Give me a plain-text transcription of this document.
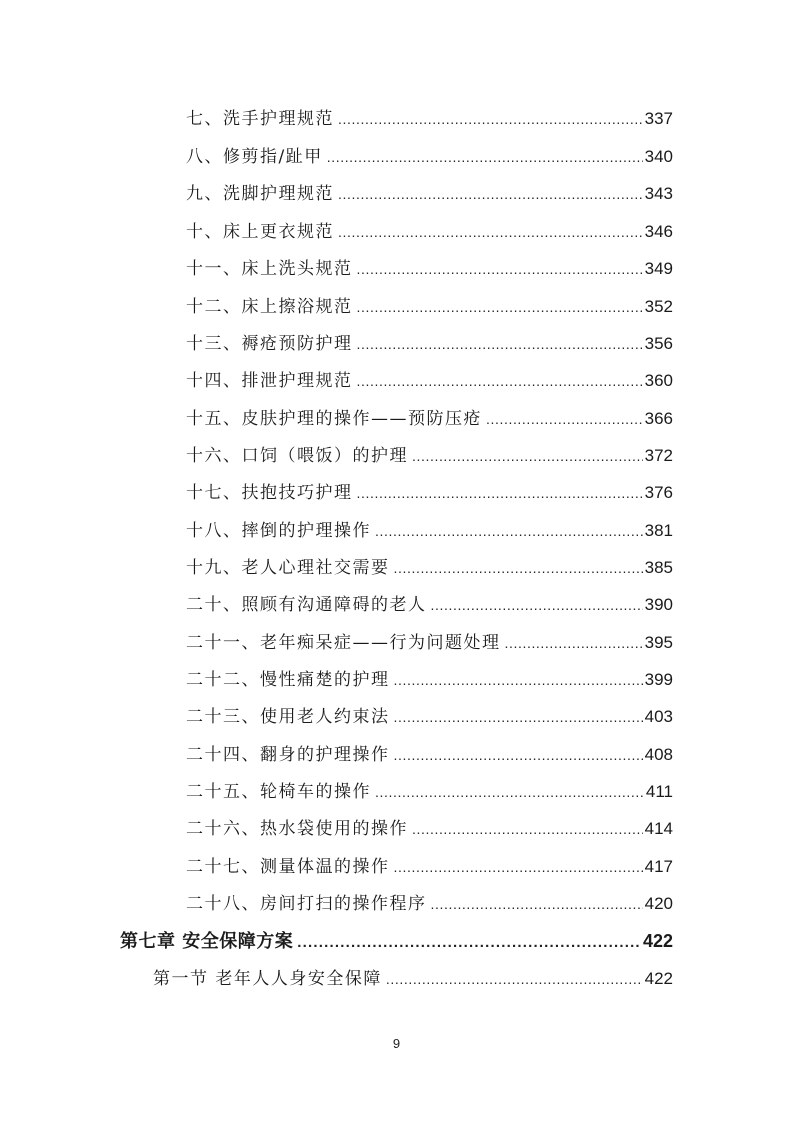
七、洗手护理规范 .....	337
八、修剪指/趾甲 .....	340
九、洗脚护理规范 .....	343
十、床上更衣规范 .....	346
十一、床上洗头规范 .....	349
十二、床上擦浴规范 .....	352
十三、褥疮预防护理 .....	356
十四、排泄护理规范 .....	360
十五、皮肤护理的操作——预防压疮 .....	366
十六、口饲（喂饭）的护理 .....	372
十七、扶抱技巧护理 .....	376
十八、摔倒的护理操作 .....	381
十九、老人心理社交需要 .....	385
二十、照顾有沟通障碍的老人 .....	390
二十一、老年痴呆症——行为问题处理 .....	395
二十二、慢性痛楚的护理 .....	399
二十三、使用老人约束法 .....	403
二十四、翻身的护理操作 .....	408
二十五、轮椅车的操作 .....	411
二十六、热水袋使用的操作 .....	414
二十七、测量体温的操作 .....	417
二十八、房间打扫的操作程序 .....	420
第七章 安全保障方案 .....	422
第一节 老年人人身安全保障 .....	422
9
